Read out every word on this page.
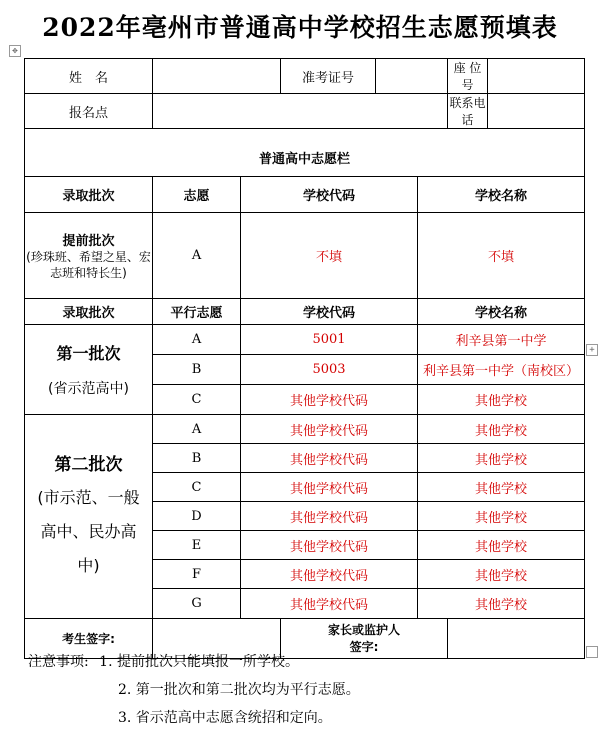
2022年亳州市普通高中学校招生志愿预填表
✥
+
姓　名			准考证号			座 位 号	
报名点						联系电话	

普通高中志愿栏							
录取批次	志愿	学校代码			学校名称		

提前批次
(珍珠班、希望之星、宏志班和特长生)	A	不填			不填		
录取批次	平行志愿	学校代码			学校名称		

第一批次
(省示范高中)	A	5001			利辛县第一中学		
	B	5003			利辛县第一中学（南校区）		
	C	其他学校代码			其他学校		

第二批次
(市示范、一般
高中、民办高
中)	A	其他学校代码			其他学校		
	B	其他学校代码			其他学校		
	C	其他学校代码			其他学校		
	D	其他学校代码			其他学校		
	E	其他学校代码			其他学校		
	F	其他学校代码			其他学校		
	G	其他学校代码			其他学校		
考生签字:			家长或监护人
签字:				

注意事项: 1. 提前批次只能填报一所学校。
2. 第一批次和第二批次均为平行志愿。
3. 省示范高中志愿含统招和定向。
